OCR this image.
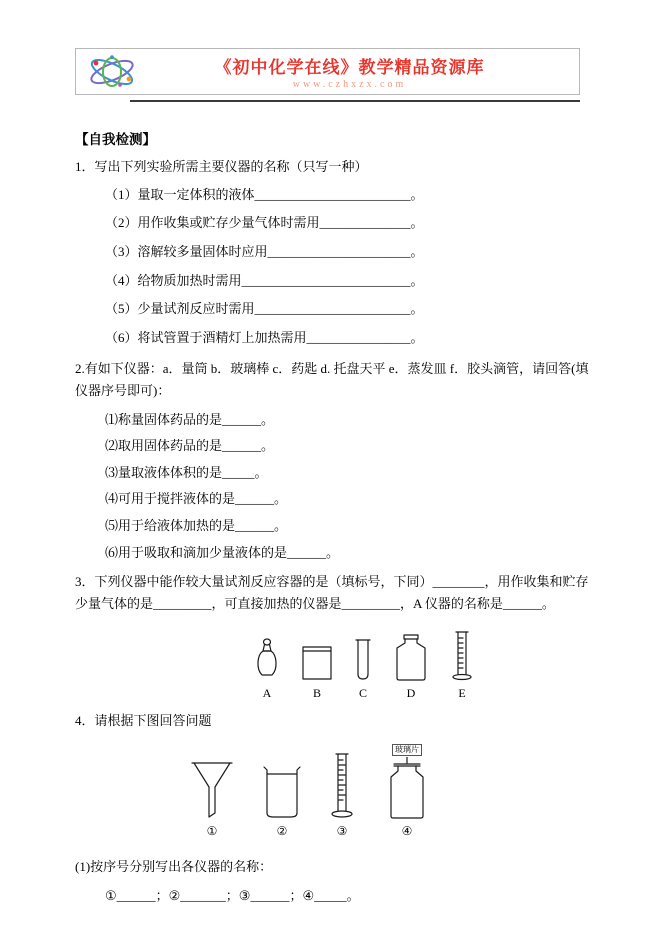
《初中化学在线》教学精品资源库
www.czhxzx.com
【自我检测】
1．写出下列实验所需主要仪器的名称（只写一种）
（1）量取一定体积的液体________________________。
（2）用作收集或贮存少量气体时需用______________。
（3）溶解较多量固体时应用______________________。
（4）给物质加热时需用__________________________。
（5）少量试剂反应时需用________________________。
（6）将试管置于酒精灯上加热需用________________。
2.有如下仪器：a．量筒 b．玻璃棒 c．药匙 d. 托盘天平 e．蒸发皿 f．胶头滴管，请回答(填仪器序号即可)：
⑴称量固体药品的是______。
⑵取用固体药品的是______。
⑶量取液体体积的是_____。
⑷可用于搅拌液体的是______。
⑸用于给液体加热的是______。
⑹用于吸取和滴加少量液体的是______。
3．下列仪器中能作较大量试剂反应容器的是（填标号，下同）________，用作收集和贮存少量气体的是_________，可直接加热的仪器是_________，A 仪器的名称是______。
A	B	C	D	E
4．请根据下图回答问题
①	②	③
玻璃片
④
(1)按序号分别写出各仪器的名称：
①______；②_______；③______；④_____。
